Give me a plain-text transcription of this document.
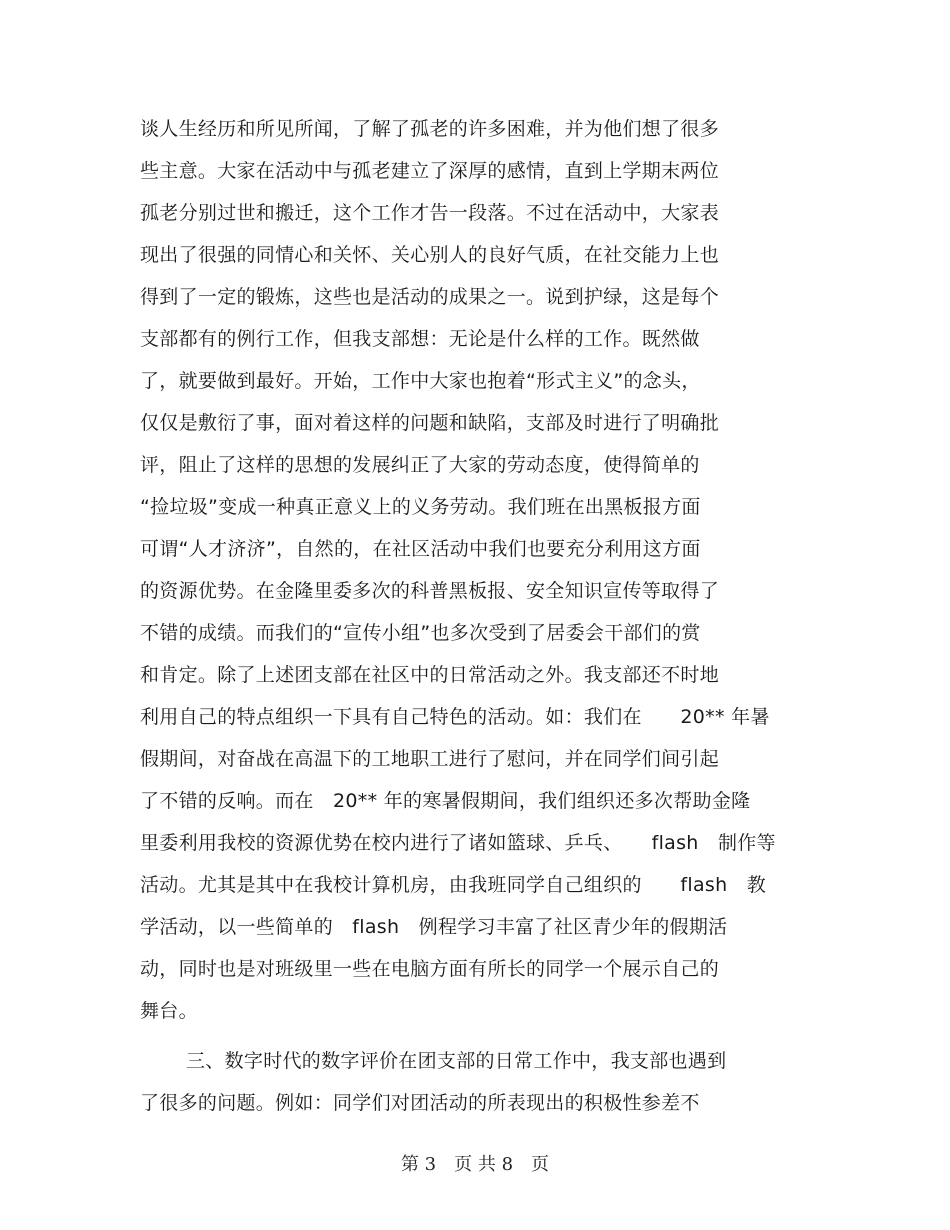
谈人生经历和所见所闻，了解了孤老的许多困难，并为他们想了很多
些主意。大家在活动中与孤老建立了深厚的感情，直到上学期末两位
孤老分别过世和搬迁，这个工作才告一段落。不过在活动中，大家表
现出了很强的同情心和关怀、关心别人的良好气质，在社交能力上也
得到了一定的锻炼，这些也是活动的成果之一。说到护绿，这是每个
支部都有的例行工作，但我支部想：无论是什么样的工作。既然做
了，就要做到最好。开始，工作中大家也抱着“形式主义”的念头，
仅仅是敷衍了事，面对着这样的问题和缺陷，支部及时进行了明确批
评，阻止了这样的思想的发展纠正了大家的劳动态度，使得简单的
“捡垃圾”变成一种真正意义上的义务劳动。我们班在出黑板报方面
可谓“人才济济”，自然的，在社区活动中我们也要充分利用这方面
的资源优势。在金隆里委多次的科普黑板报、安全知识宣传等取得了
不错的成绩。而我们的“宣传小组”也多次受到了居委会干部们的赏
和肯定。除了上述团支部在社区中的日常活动之外。我支部还不时地
利用自己的特点组织一下具有自己特色的活动。如：我们在　　20** 年暑
假期间，对奋战在高温下的工地职工进行了慰问，并在同学们间引起
了不错的反响。而在　20** 年的寒暑假期间，我们组织还多次帮助金隆
里委利用我校的资源优势在校内进行了诸如篮球、乒乓、　　flash　制作等
活动。尤其是其中在我校计算机房，由我班同学自己组织的　　flash　教
学活动，以一些简单的　flash　例程学习丰富了社区青少年的假期活
动，同时也是对班级里一些在电脑方面有所长的同学一个展示自己的
舞台。
三、数字时代的数字评价在团支部的日常工作中，我支部也遇到
了很多的问题。例如：同学们对团活动的所表现出的积极性参差不
第 3　页 共 8　页
